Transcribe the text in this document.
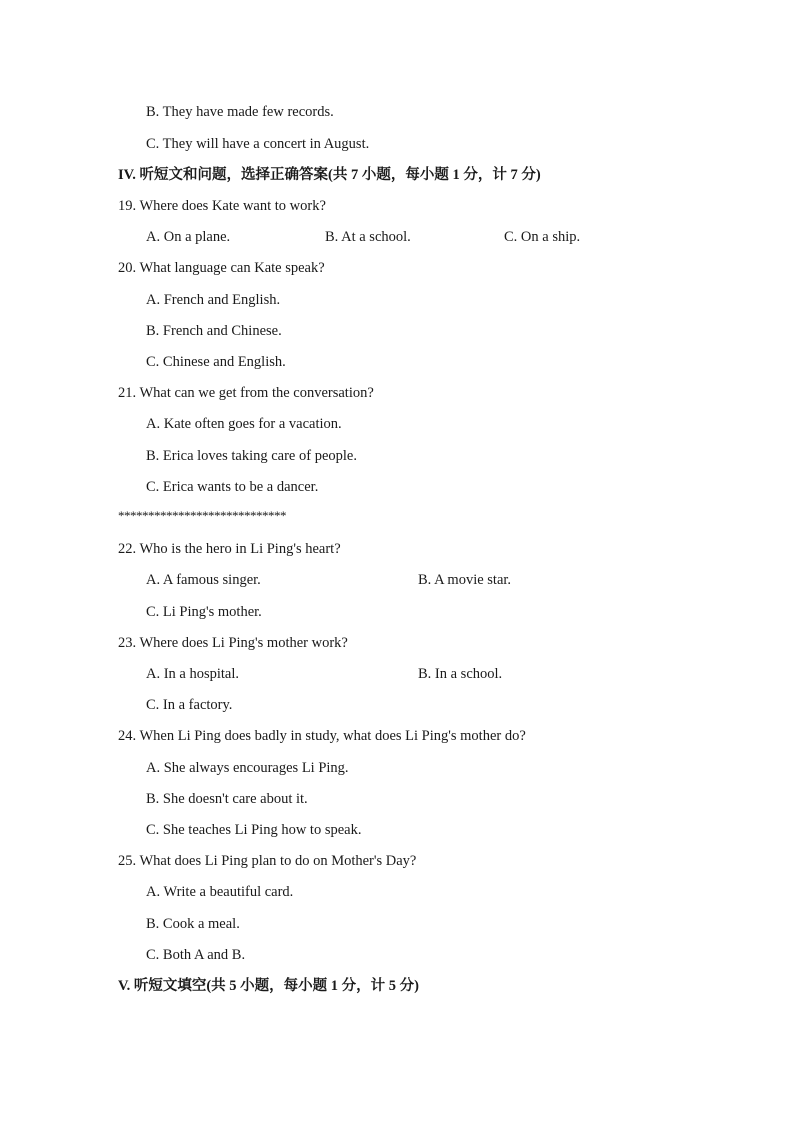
B. They have made few records.
C. They will have a concert in August.
IV. 听短文和问题，选择正确答案(共 7 小题，每小题 1 分，计 7 分)
19. Where does Kate want to work?
A. On a plane.	B. At a school.	C. On a ship.
20. What language can Kate speak?
A. French and English.
B. French and Chinese.
C. Chinese and English.
21. What can we get from the conversation?
A. Kate often goes for a vacation.
B. Erica loves taking care of people.
C. Erica wants to be a dancer.
****************************
22. Who is the hero in Li Ping's heart?
A. A famous singer.	B. A movie star.
C. Li Ping's mother.
23. Where does Li Ping's mother work?
A. In a hospital.	B. In a school.
C. In a factory.
24. When Li Ping does badly in study, what does Li Ping's mother do?
A. She always encourages Li Ping.
B. She doesn't care about it.
C. She teaches Li Ping how to speak.
25. What does Li Ping plan to do on Mother's Day?
A. Write a beautiful card.
B. Cook a meal.
C. Both A and B.
V. 听短文填空(共 5 小题，每小题 1 分，计 5 分)
